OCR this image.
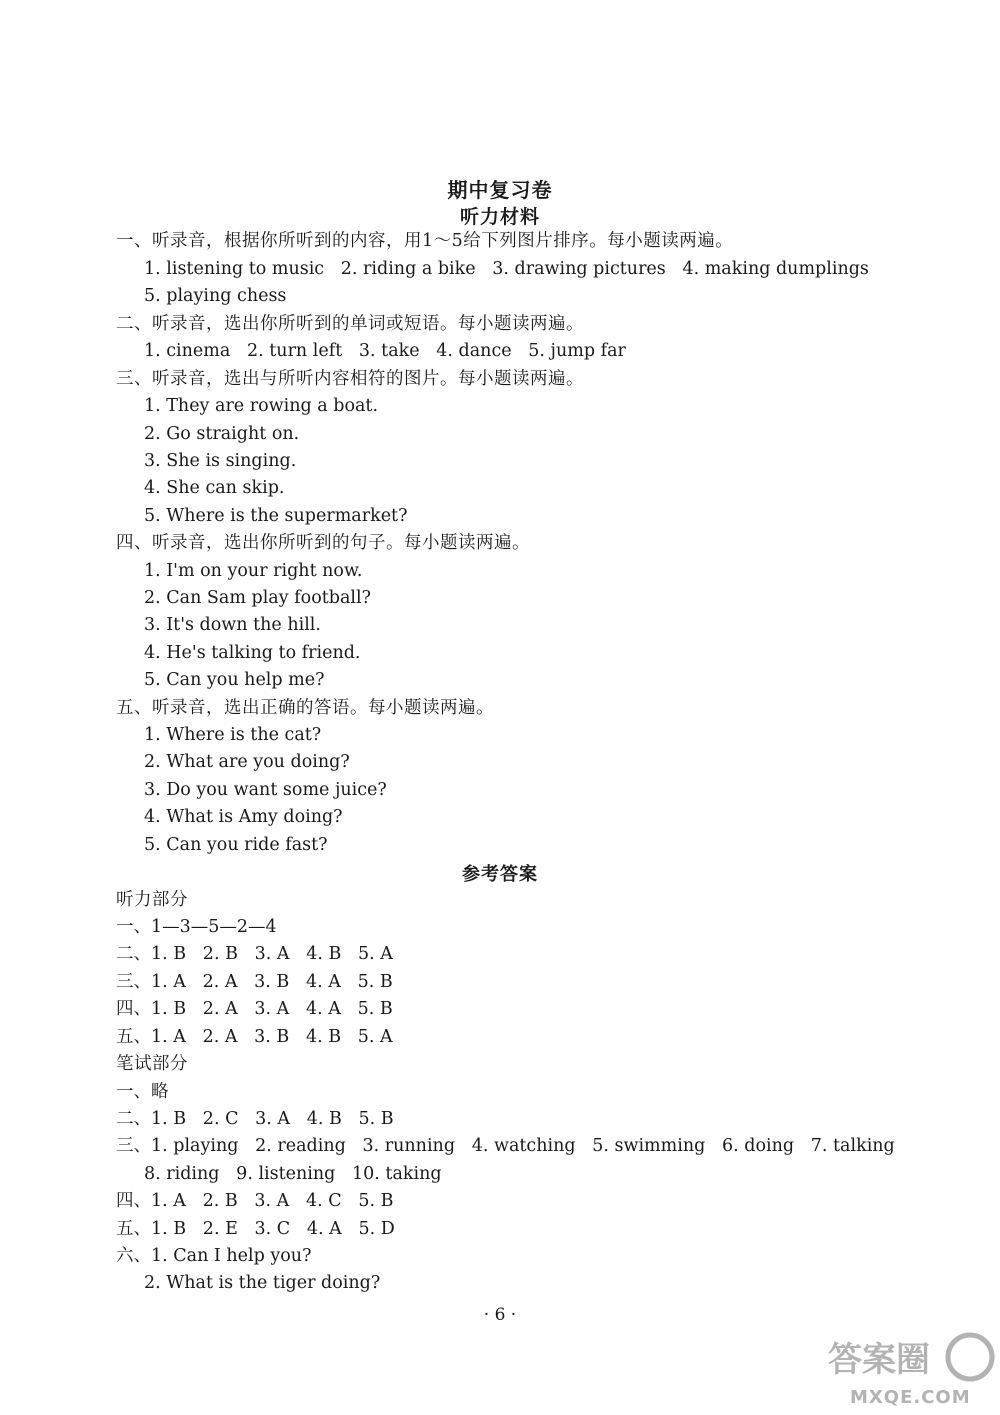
期中复习卷
听力材料
一、听录音，根据你所听到的内容，用1～5给下列图片排序。每小题读两遍。
1. listening to music   2. riding a bike   3. drawing pictures   4. making dumplings
5. playing chess
二、听录音，选出你所听到的单词或短语。每小题读两遍。
1. cinema   2. turn left   3. take   4. dance   5. jump far
三、听录音，选出与所听内容相符的图片。每小题读两遍。
1. They are rowing a boat.
2. Go straight on.
3. She is singing.
4. She can skip.
5. Where is the supermarket?
四、听录音，选出你所听到的句子。每小题读两遍。
1. I'm on your right now.
2. Can Sam play football?
3. It's down the hill.
4. He's talking to friend.
5. Can you help me?
五、听录音，选出正确的答语。每小题读两遍。
1. Where is the cat?
2. What are you doing?
3. Do you want some juice?
4. What is Amy doing?
5. Can you ride fast?
参考答案
听力部分
一、1—3—5—2—4
二、1. B   2. B   3. A   4. B   5. A
三、1. A   2. A   3. B   4. A   5. B
四、1. B   2. A   3. A   4. A   5. B
五、1. A   2. A   3. B   4. B   5. A
笔试部分
一、略
二、1. B   2. C   3. A   4. B   5. B
三、1. playing   2. reading   3. running   4. watching   5. swimming   6. doing   7. talking
8. riding   9. listening   10. taking
四、1. A   2. B   3. A   4. C   5. B
五、1. B   2. E   3. C   4. A   5. D
六、1. Can I help you?
2. What is the tiger doing?
· 6 ·
答案圈
MXQE.COM
